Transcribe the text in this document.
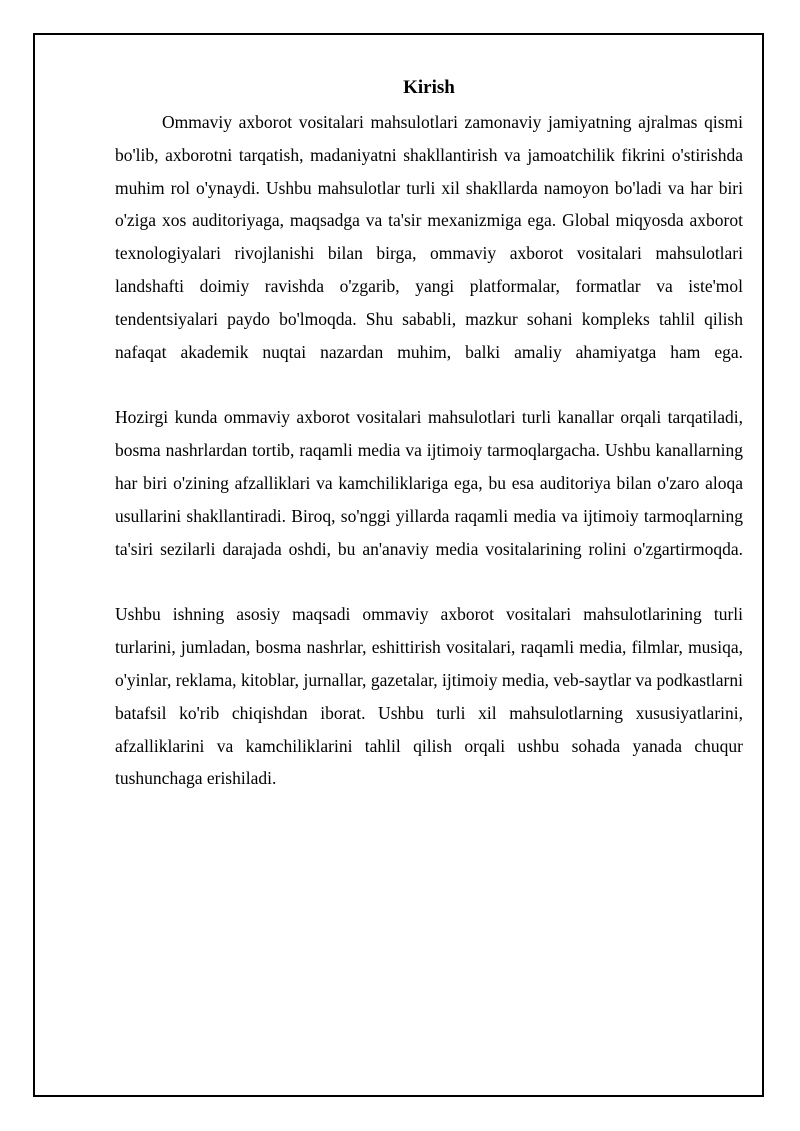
Kirish

Ommaviy axborot vositalari mahsulotlari zamonaviy jamiyatning ajralmas qismi bo'lib, axborotni tarqatish, madaniyatni shakllantirish va jamoatchilik fikrini o'stirishda muhim rol o'ynaydi. Ushbu mahsulotlar turli xil shakllarda namoyon bo'ladi va har biri o'ziga xos auditoriyaga, maqsadga va ta'sir mexanizmiga ega. Global miqyosda axborot texnologiyalari rivojlanishi bilan birga, ommaviy axborot vositalari mahsulotlari landshafti doimiy ravishda o'zgarib, yangi platformalar, formatlar va iste'mol tendentsiyalari paydo bo'lmoqda. Shu sababli, mazkur sohani kompleks tahlil qilish nafaqat akademik nuqtai nazardan muhim, balki amaliy ahamiyatga ham ega.

Hozirgi kunda ommaviy axborot vositalari mahsulotlari turli kanallar orqali tarqatiladi, bosma nashrlardan tortib, raqamli media va ijtimoiy tarmoqlargacha. Ushbu kanallarning har biri o'zining afzalliklari va kamchiliklariga ega, bu esa auditoriya bilan o'zaro aloqa usullarini shakllantiradi. Biroq, so'nggi yillarda raqamli media va ijtimoiy tarmoqlarning ta'siri sezilarli darajada oshdi, bu an'anaviy media vositalarining rolini o'zgartirmoqda.

Ushbu ishning asosiy maqsadi ommaviy axborot vositalari mahsulotlarining turli turlarini, jumladan, bosma nashrlar, eshittirish vositalari, raqamli media, filmlar, musiqa, o'yinlar, reklama, kitoblar, jurnallar, gazetalar, ijtimoiy media, veb-saytlar va podkastlarni batafsil ko'rib chiqishdan iborat. Ushbu turli xil mahsulotlarning xususiyatlarini, afzalliklarini va kamchiliklarini tahlil qilish orqali ushbu sohada yanada chuqur tushunchaga erishiladi.
